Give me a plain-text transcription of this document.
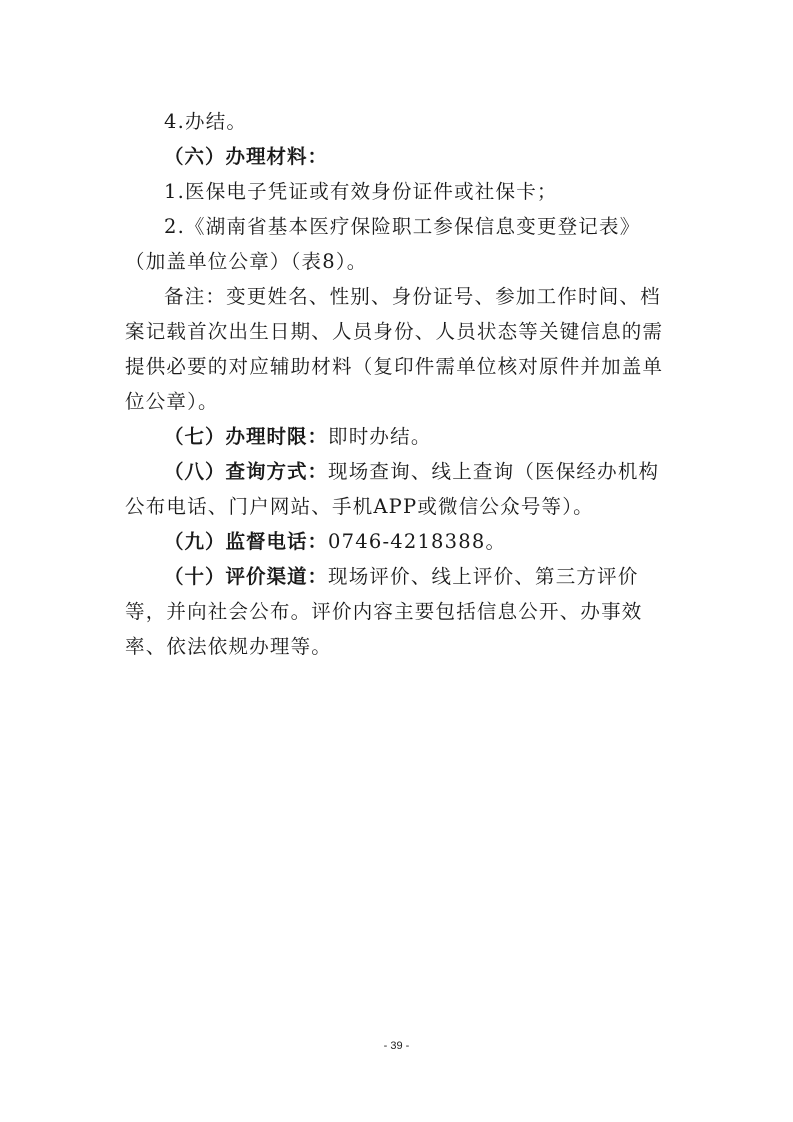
4.办结。

（六）办理材料：

1.医保电子凭证或有效身份证件或社保卡；

2.《湖南省基本医疗保险职工参保信息变更登记表》

（加盖单位公章）（表8）。

备注：变更姓名、性别、身份证号、参加工作时间、档案记载首次出生日期、人员身份、人员状态等关键信息的需提供必要的对应辅助材料（复印件需单位核对原件并加盖单位公章）。

（七）办理时限：即时办结。

（八）查询方式：现场查询、线上查询（医保经办机构公布电话、门户网站、手机APP或微信公众号等）。

（九）监督电话：0746-4218388。

（十）评价渠道：现场评价、线上评价、第三方评价等，并向社会公布。评价内容主要包括信息公开、办事效率、依法依规办理等。

- 39 -
